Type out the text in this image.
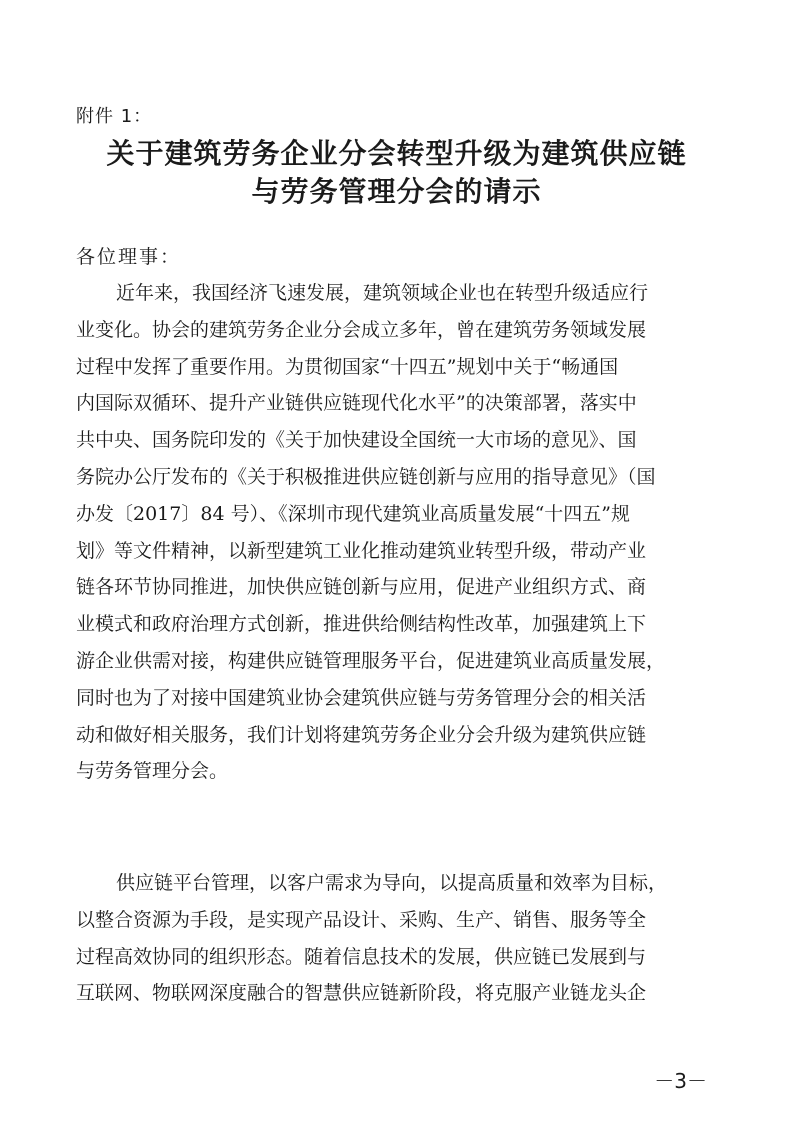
附件 1：
关于建筑劳务企业分会转型升级为建筑供应链
与劳务管理分会的请示
各位理事：
近年来，我国经济飞速发展，建筑领域企业也在转型升级适应行
业变化。协会的建筑劳务企业分会成立多年，曾在建筑劳务领域发展
过程中发挥了重要作用。为贯彻国家“十四五”规划中关于“畅通国
内国际双循环、提升产业链供应链现代化水平”的决策部署，落实中
共中央、国务院印发的《关于加快建设全国统一大市场的意见》、国
务院办公厅发布的《关于积极推进供应链创新与应用的指导意见》（国
办发〔2017〕84 号）、《深圳市现代建筑业高质量发展“十四五”规
划》等文件精神，以新型建筑工业化推动建筑业转型升级，带动产业
链各环节协同推进，加快供应链创新与应用，促进产业组织方式、商
业模式和政府治理方式创新，推进供给侧结构性改革，加强建筑上下
游企业供需对接，构建供应链管理服务平台，促进建筑业高质量发展，
同时也为了对接中国建筑业协会建筑供应链与劳务管理分会的相关活
动和做好相关服务，我们计划将建筑劳务企业分会升级为建筑供应链
与劳务管理分会。
供应链平台管理，以客户需求为导向，以提高质量和效率为目标，
以整合资源为手段，是实现产品设计、采购、生产、销售、服务等全
过程高效协同的组织形态。随着信息技术的发展，供应链已发展到与
互联网、物联网深度融合的智慧供应链新阶段，将克服产业链龙头企
－3－
